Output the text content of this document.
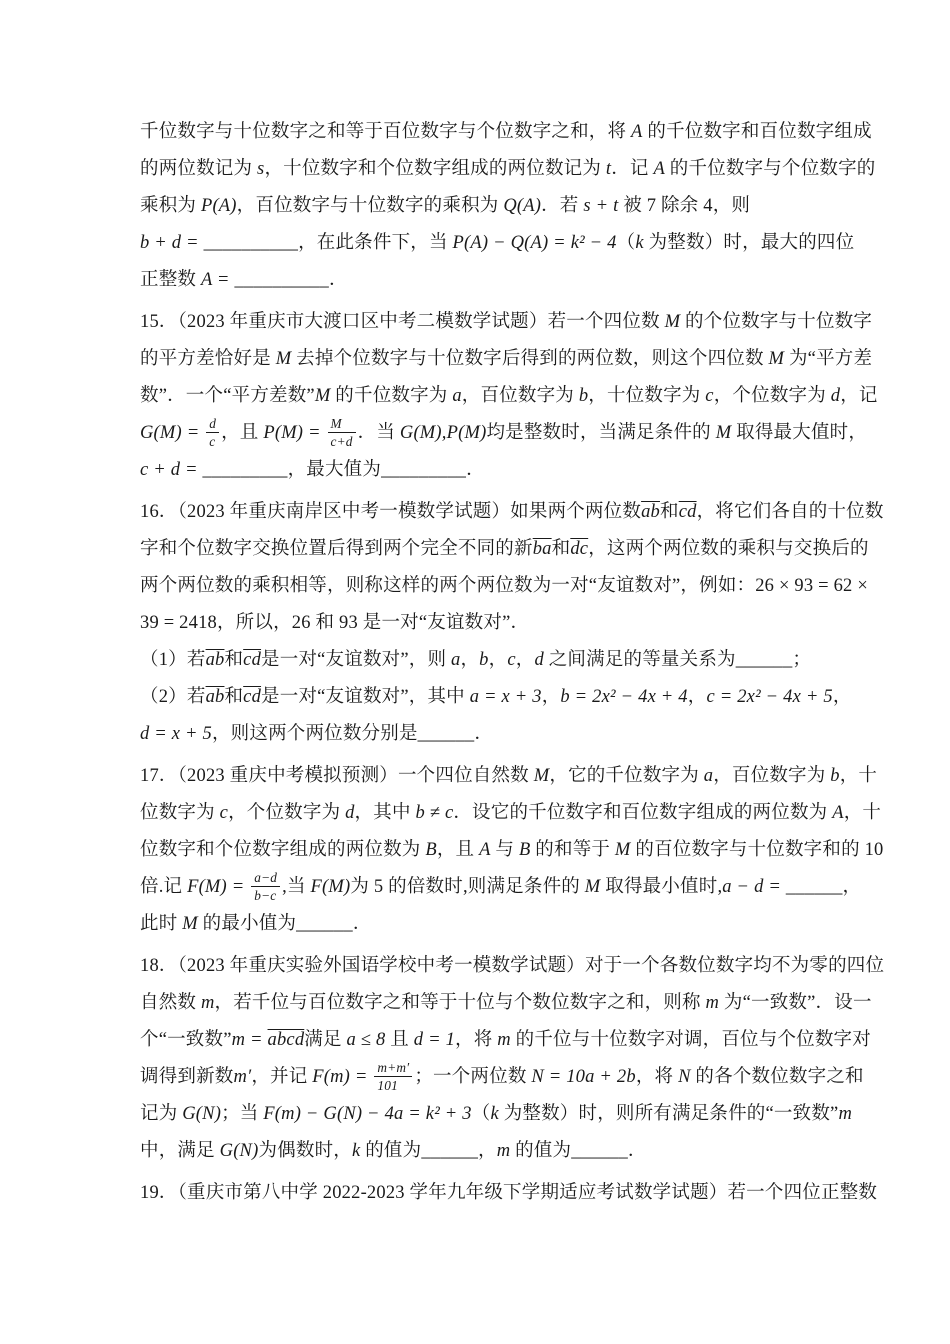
千位数字与十位数字之和等于百位数字与个位数字之和，将 A 的千位数字和百位数字组成
的两位数记为 s，十位数字和个位数字组成的两位数记为 t．记 A 的千位数字与个位数字的
乘积为 P(A)，百位数字与十位数字的乘积为 Q(A)．若 s + t 被 7 除余 4，则
b + d = __________，在此条件下，当 P(A) − Q(A) = k² − 4（k 为整数）时，最大的四位
正整数 A = __________．
15．（2023 年重庆市大渡口区中考二模数学试题）若一个四位数 M 的个位数字与十位数字
的平方差恰好是 M 去掉个位数字与十位数字后得到的两位数，则这个四位数 M 为“平方差
数”．一个“平方差数”M 的千位数字为 a，百位数字为 b，十位数字为 c，个位数字为 d，记
$G(M) = \frac{d}{c}$ ，且 $P(M) = \frac{M}{c+d}$ ．当 G(M),P(M)均是整数时，当满足条件的 M 取得最大值时，
c + d = _________，最大值为_________．
16．（2023 年重庆南岸区中考一模数学试题）如果两个两位数$\overline{ab}$和$\overline{cd}$，将它们各自的十位数
字和个位数字交换位置后得到两个完全不同的新$\overline{ba}$和$\overline{dc}$，这两个两位数的乘积与交换后的
两个两位数的乘积相等，则称这样的两个两位数为一对“友谊数对”，例如：26 × 93 = 62 ×
39 = 2418，所以，26 和 93 是一对“友谊数对”．
（1）若$\overline{ab}$和$\overline{cd}$是一对“友谊数对”，则 a，b，c，d 之间满足的等量关系为______；
（2）若$\overline{ab}$和$\overline{cd}$是一对“友谊数对”，其中 a = x + 3，b = 2x² − 4x + 4，c = 2x² − 4x + 5，
d = x + 5，则这两个两位数分别是______．
17．（2023 重庆中考模拟预测）一个四位自然数 M，它的千位数字为 a，百位数字为 b，十
位数字为 c，个位数字为 d，其中 b ≠ c．设它的千位数字和百位数字组成的两位数为 A，十
位数字和个位数字组成的两位数为 B，且 A 与 B 的和等于 M 的百位数字与十位数字和的 10
倍.记 $F(M) = \frac{a-d}{b-c}$ ,当 F(M)为 5 的倍数时,则满足条件的 M 取得最小值时,a − d = ______，
此时 M 的最小值为______．
18．（2023 年重庆实验外国语学校中考一模数学试题）对于一个各数位数字均不为零的四位
自然数 m，若千位与百位数字之和等于十位与个数位数字之和，则称 m 为“一致数”．设一
个“一致数”m = abcd满足 a ≤ 8 且 d = 1，将 m 的千位与十位数字对调，百位与个位数字对
调得到新数m′，并记 $F(m) = \frac{m+m'}{101}$ ；一个两位数 N = 10a + 2b，将 N 的各个数位数字之和
记为 G(N)；当 F(m) − G(N) − 4a = k² + 3（k 为整数）时，则所有满足条件的“一致数”m
中，满足 G(N)为偶数时，k 的值为______，m 的值为______．
19．（重庆市第八中学 2022-2023 学年九年级下学期适应考试数学试题）若一个四位正整数
